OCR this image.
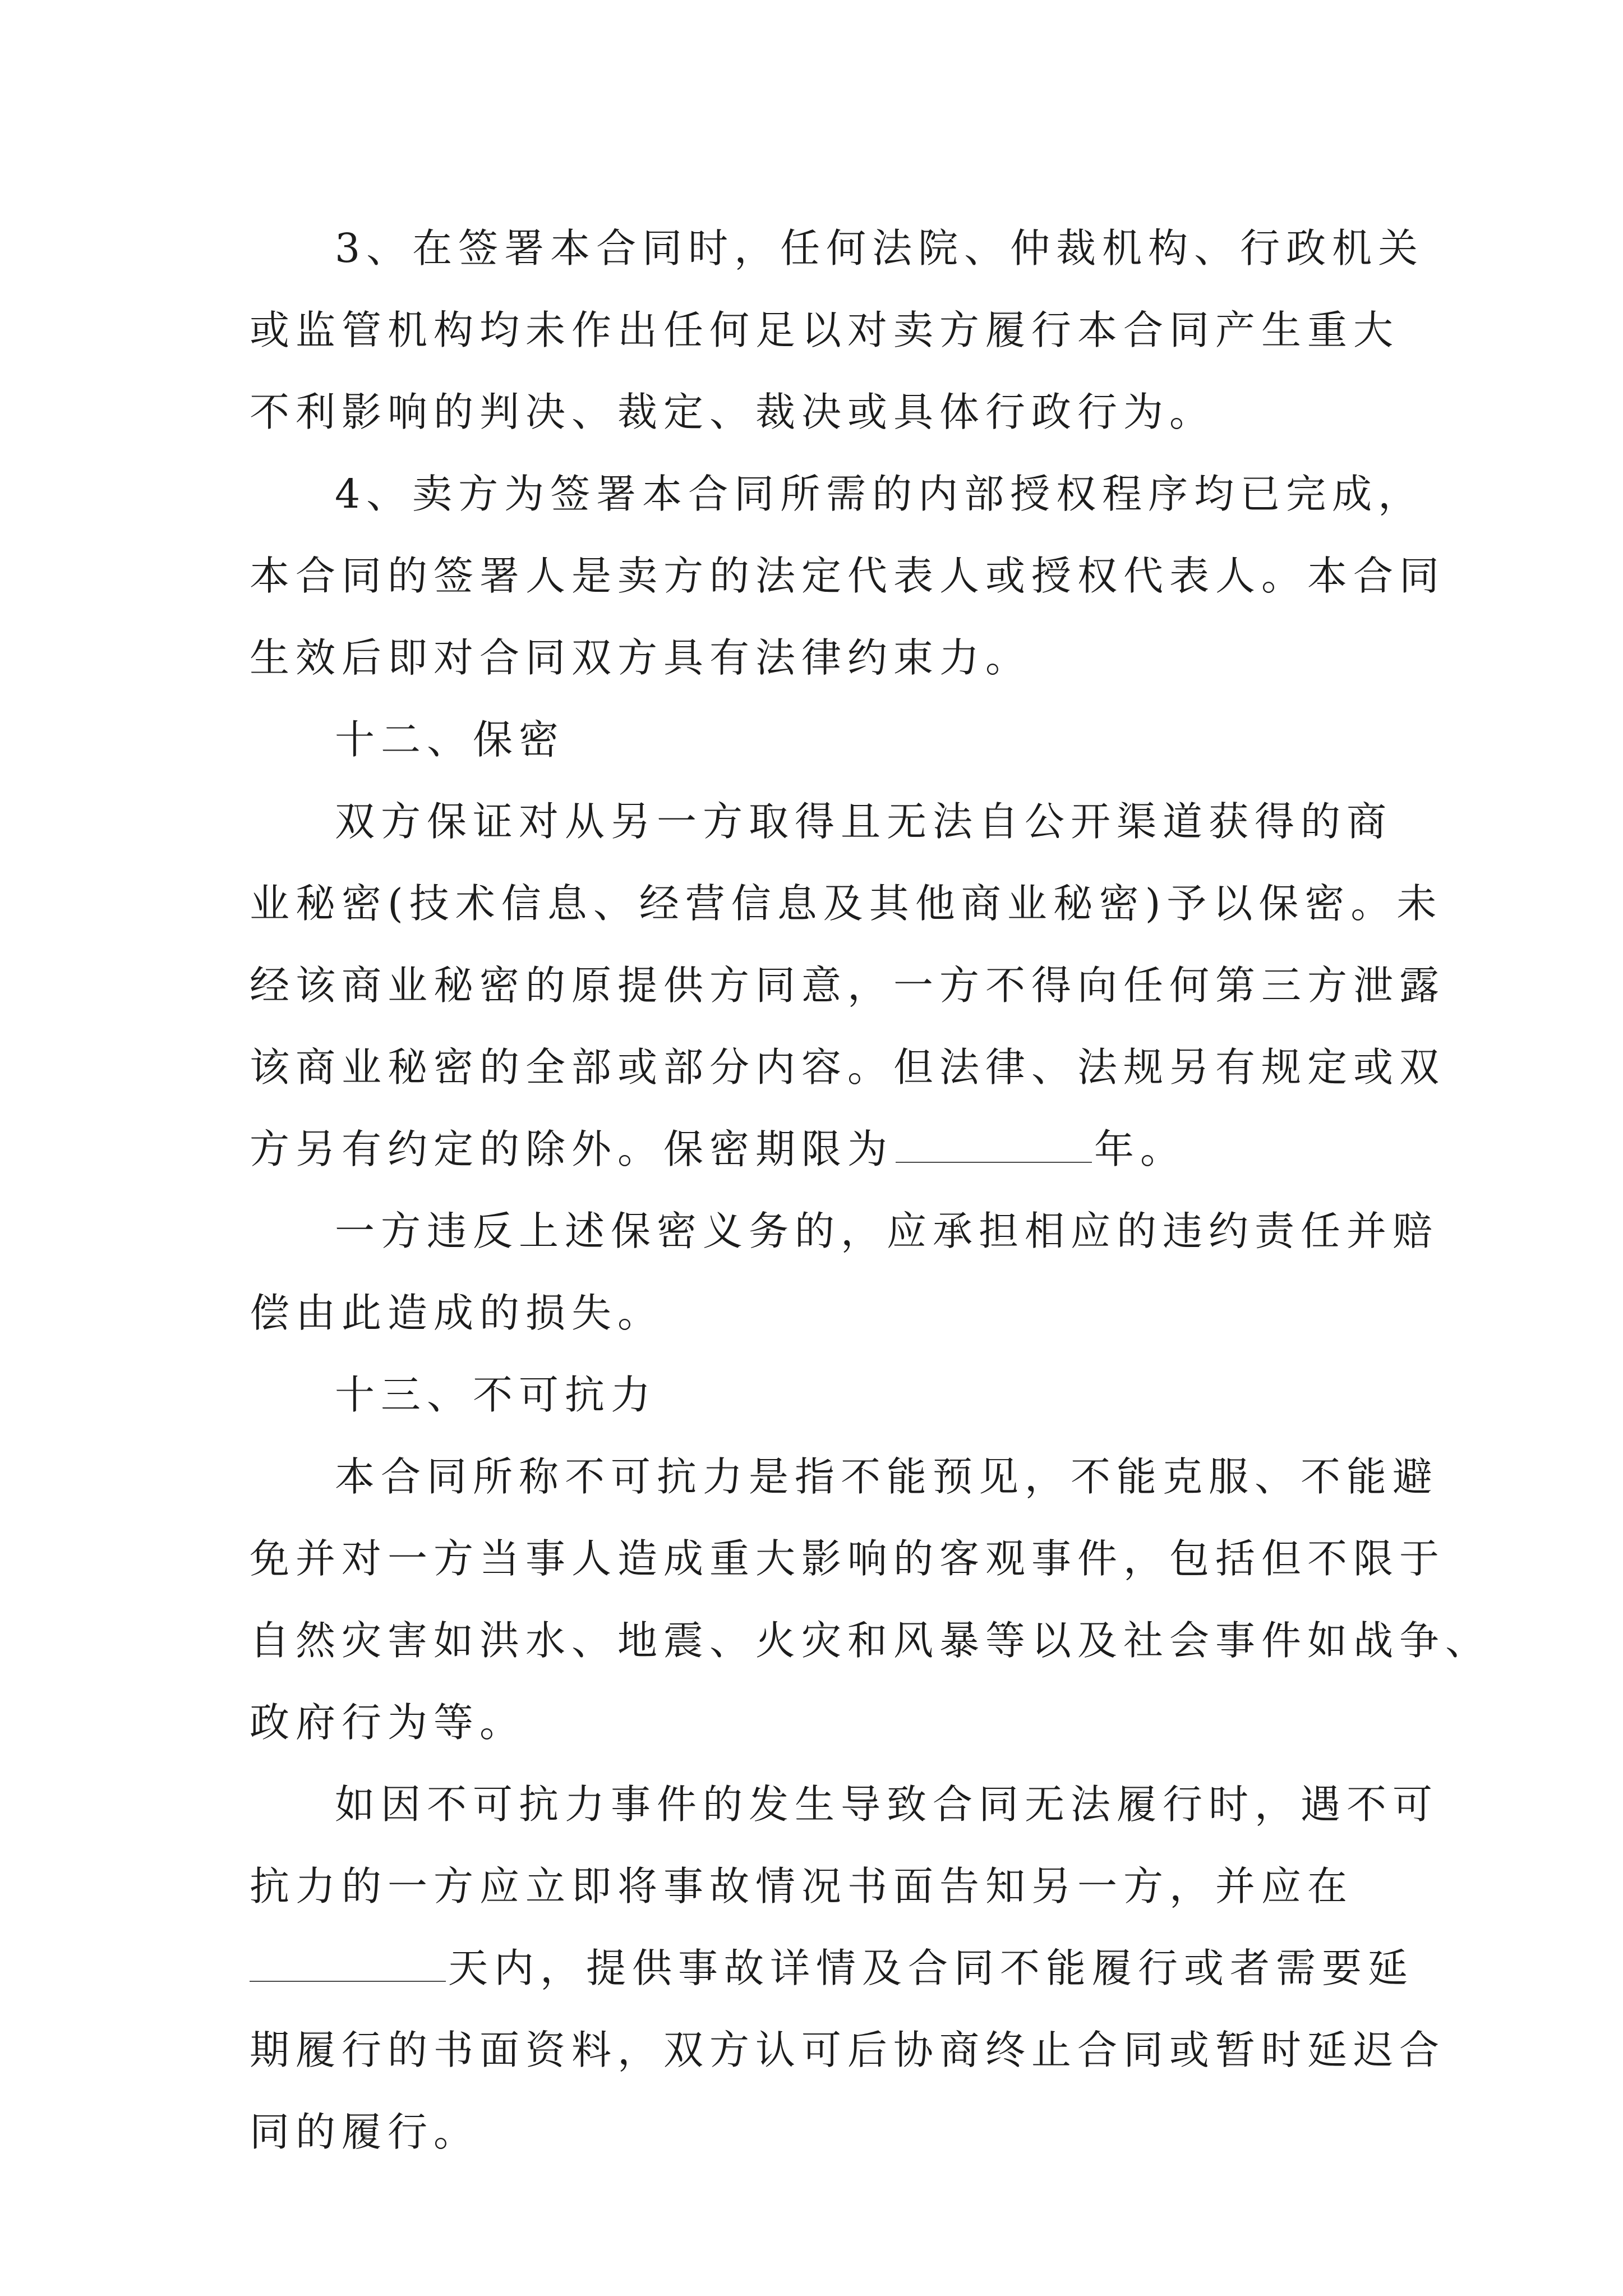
3、在签署本合同时，任何法院、仲裁机构、行政机关
或监管机构均未作出任何足以对卖方履行本合同产生重大
不利影响的判决、裁定、裁决或具体行政行为。
4、卖方为签署本合同所需的内部授权程序均已完成，
本合同的签署人是卖方的法定代表人或授权代表人。本合同
生效后即对合同双方具有法律约束力。
十二、保密
双方保证对从另一方取得且无法自公开渠道获得的商
业秘密(技术信息、经营信息及其他商业秘密)予以保密。未
经该商业秘密的原提供方同意，一方不得向任何第三方泄露
该商业秘密的全部或部分内容。但法律、法规另有规定或双
方另有约定的除外。保密期限为	年。
一方违反上述保密义务的，应承担相应的违约责任并赔
偿由此造成的损失。
十三、不可抗力
本合同所称不可抗力是指不能预见，不能克服、不能避
免并对一方当事人造成重大影响的客观事件，包括但不限于
自然灾害如洪水、地震、火灾和风暴等以及社会事件如战争、
政府行为等。
如因不可抗力事件的发生导致合同无法履行时，遇不可
抗力的一方应立即将事故情况书面告知另一方，并应在
天内，提供事故详情及合同不能履行或者需要延
期履行的书面资料，双方认可后协商终止合同或暂时延迟合
同的履行。
